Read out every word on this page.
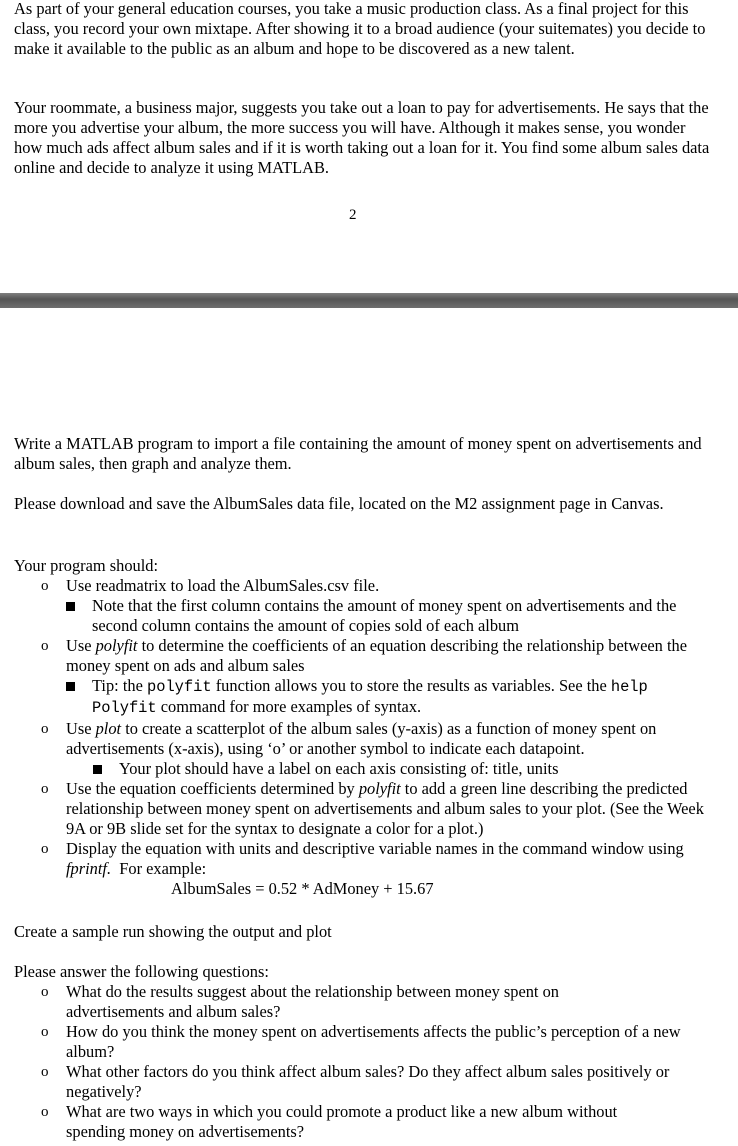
As part of your general education courses, you take a music production class. As a final project for this class, you record your own mixtape. After showing it to a broad audience (your suitemates) you decide to make it available to the public as an album and hope to be discovered as a new talent.

Your roommate, a business major, suggests you take out a loan to pay for advertisements. He says that the more you advertise your album, the more success you will have. Although it makes sense, you wonder how much ads affect album sales and if it is worth taking out a loan for it. You find some album sales data online and decide to analyze it using MATLAB.

2

Write a MATLAB program to import a file containing the amount of money spent on advertisements and album sales, then graph and analyze them.

Please download and save the AlbumSales data file, located on the M2 assignment page in Canvas.

Your program should:

o Use readmatrix to load the AlbumSales.csv file.
Note that the first column contains the amount of money spent on advertisements and the second column contains the amount of copies sold of each album
o Use polyfit to determine the coefficients of an equation describing the relationship between the money spent on ads and album sales
Tip: the polyfit function allows you to store the results as variables. See the help Polyfit command for more examples of syntax.
o Use plot to create a scatterplot of the album sales (y-axis) as a function of money spent on advertisements (x-axis), using ‘o’ or another symbol to indicate each datapoint.
Your plot should have a label on each axis consisting of: title, units
o Use the equation coefficients determined by polyfit to add a green line describing the predicted relationship between money spent on advertisements and album sales to your plot. (See the Week 9A or 9B slide set for the syntax to designate a color for a plot.)
o Display the equation with units and descriptive variable names in the command window using fprintf.  For example:
AlbumSales = 0.52 * AdMoney + 15.67

Create a sample run showing the output and plot

Please answer the following questions:

o What do the results suggest about the relationship between money spent on advertisements and album sales?
o How do you think the money spent on advertisements affects the public’s perception of a new album?
o What other factors do you think affect album sales? Do they affect album sales positively or negatively?
o What are two ways in which you could promote a product like a new album without spending money on advertisements?
